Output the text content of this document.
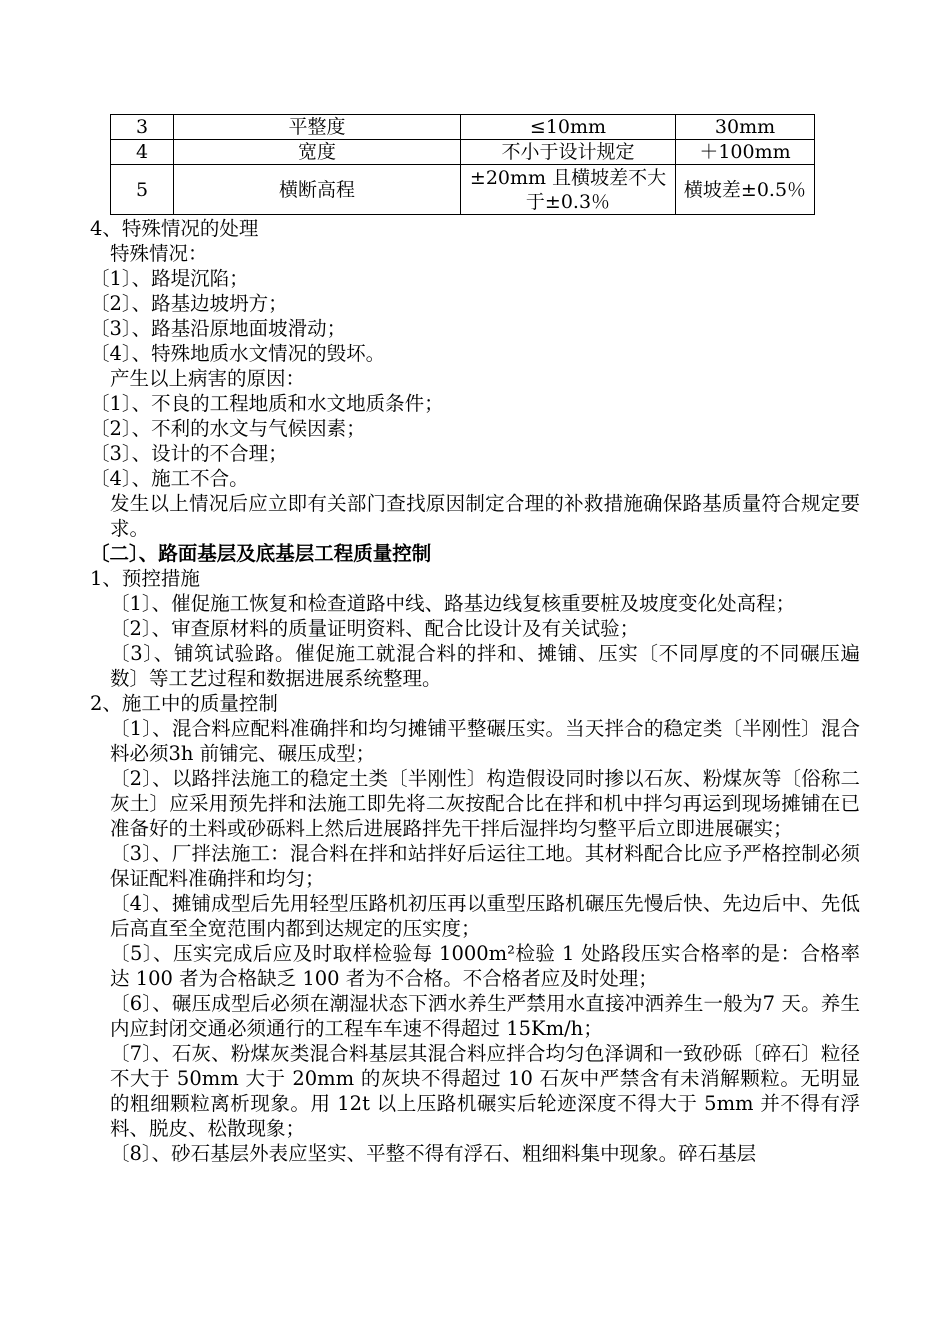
3	平整度	≤10mm	30mm
4	宽度	不小于设计规定	＋100mm
5	横断高程	±20mm 且横坡差不大于±0.3％	横坡差±0.5％

4、特殊情况的处理

特殊情况：

〔1〕、路堤沉陷；

〔2〕、路基边坡坍方；

〔3〕、路基沿原地面坡滑动；

〔4〕、特殊地质水文情况的毁坏。

产生以上病害的原因：

〔1〕、不良的工程地质和水文地质条件；

〔2〕、不利的水文与气候因素；

〔3〕、设计的不合理；

〔4〕、施工不合。

发生以上情况后应立即有关部门查找原因制定合理的补救措施确保路基质量符合规定要求。

〔二〕、路面基层及底基层工程质量控制

1、预控措施

〔1〕、催促施工恢复和检查道路中线、路基边线复核重要桩及坡度变化处高程；

〔2〕、审查原材料的质量证明资料、配合比设计及有关试验；

〔3〕、铺筑试验路。催促施工就混合料的拌和、摊铺、压实〔不同厚度的不同碾压遍数〕等工艺过程和数据进展系统整理。

2、施工中的质量控制

〔1〕、混合料应配料准确拌和均匀摊铺平整碾压实。当天拌合的稳定类〔半刚性〕混合料必须3h 前铺完、碾压成型；

〔2〕、以路拌法施工的稳定土类〔半刚性〕构造假设同时掺以石灰、粉煤灰等〔俗称二灰土〕应采用预先拌和法施工即先将二灰按配合比在拌和机中拌匀再运到现场摊铺在已准备好的土料或砂砾料上然后进展路拌先干拌后湿拌均匀整平后立即进展碾实；

〔3〕、厂拌法施工：混合料在拌和站拌好后运往工地。其材料配合比应予严格控制必须保证配料准确拌和均匀；

〔4〕、摊铺成型后先用轻型压路机初压再以重型压路机碾压先慢后快、先边后中、先低后高直至全宽范围内都到达规定的压实度；

〔5〕、压实完成后应及时取样检验每 1000m²检验 1 处路段压实合格率的是：合格率达 100 者为合格缺乏 100 者为不合格。不合格者应及时处理；

〔6〕、碾压成型后必须在潮湿状态下洒水养生严禁用水直接冲洒养生一般为7 天。养生内应封闭交通必须通行的工程车车速不得超过 15Km/h；

〔7〕、石灰、粉煤灰类混合料基层其混合料应拌合均匀色泽调和一致砂砾〔碎石〕粒径不大于 50mm 大于 20mm 的灰块不得超过 10 石灰中严禁含有未消解颗粒。无明显的粗细颗粒离析现象。用 12t 以上压路机碾实后轮迹深度不得大于 5mm 并不得有浮料、脱皮、松散现象；

〔8〕、砂石基层外表应坚实、平整不得有浮石、粗细料集中现象。碎石基层
